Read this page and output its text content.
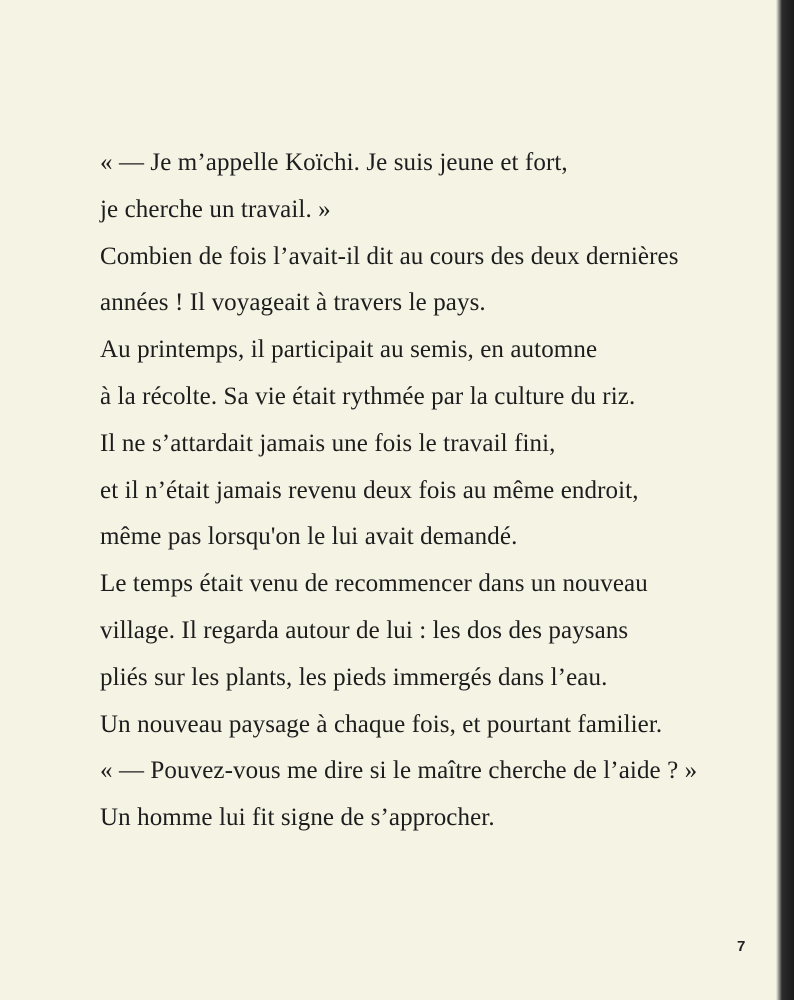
« — Je m’appelle Koïchi. Je suis jeune et fort,
je cherche un travail. »
Combien de fois l’avait-il dit au cours des deux dernières
années ! Il voyageait à travers le pays.
Au printemps, il participait au semis, en automne
à la récolte. Sa vie était rythmée par la culture du riz.
Il ne s’attardait jamais une fois le travail fini,
et il n’était jamais revenu deux fois au même endroit,
même pas lorsqu'on le lui avait demandé.
Le temps était venu de recommencer dans un nouveau
village. Il regarda autour de lui : les dos des paysans
pliés sur les plants, les pieds immergés dans l’eau.
Un nouveau paysage à chaque fois, et pourtant familier.
« — Pouvez-vous me dire si le maître cherche de l’aide ? »
Un homme lui fit signe de s’approcher.
7
